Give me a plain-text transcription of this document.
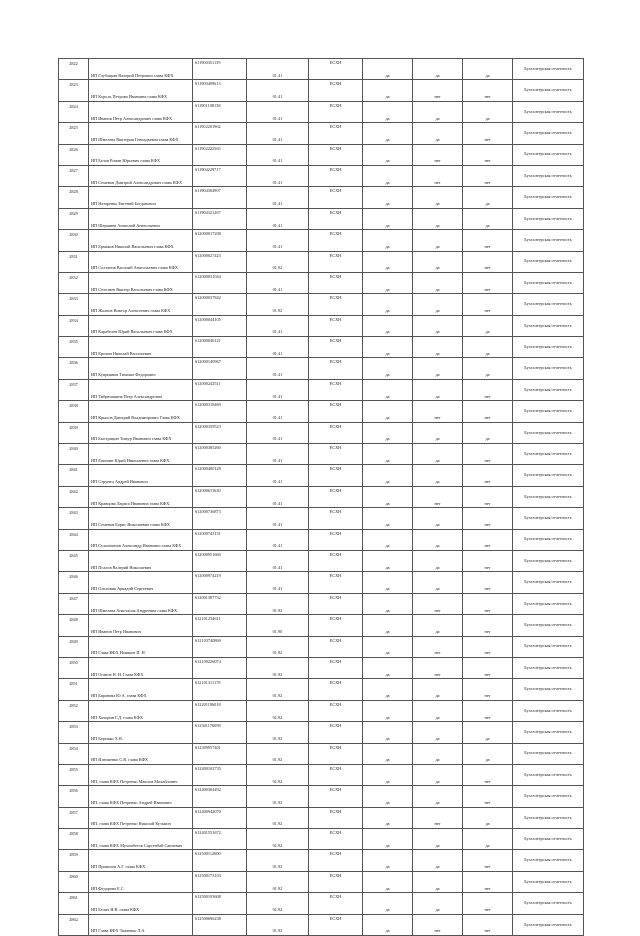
2822	ИП Глубоцкая Валерий Петрович глава КФХ	611900351139	01.41	ЕСХН	да	да	да	Бухгалтерская отчетность
2823	ИП Король Петрова Ивановна глава КФХ	611900409613	01.41	ЕСХН	да	нет	нет	Бухгалтерская отчетность
2824	ИП Иванов Петр Александрович глава КФХ	611901108138	01.41	ЕСХН	да	да	да	Бухгалтерская отчетность
2825	ИП Шмелева Виктория Геннадьевна глава КФХ	611902201962	01.41	ЕСХН	да	да	нет	Бухгалтерская отчетность
2826	ИП Белов Роман Юрьевич глава КФХ	611902222565	01.41	ЕСХН	да	нет	нет	Бухгалтерская отчетность
2827	ИП Семенов Дмитрий Александрович глава КФХ	611904229717	01.41	ЕСХН	да	нет	нет	Бухгалтерская отчетность
2828	ИП Назаренко Евгений Богданович	611904304907	01.41	ЕСХН	да	да	да	Бухгалтерская отчетность
2829	ИП Шершнев Анатолий Анатольевич	611904321267	01.41	ЕСХН	да	да	да	Бухгалтерская отчетность
2830	ИП Ермаков Николай Васильевич глава КФХ	612000017208	01.41	ЕСХН	да	да	нет	Бухгалтерская отчетность
2831	ИП Солтанов Василий Анатольевич глава КФХ	612000027423	01.92	ЕСХН	да	да	нет	Бухгалтерская отчетность
2832	ИП Селезнев Виктор Васильевич глава КФХ	612000031044	01.41	ЕСХН	да	да	нет	Бухгалтерская отчетность
2833	ИП Жалнов Виктор Алексеевич глава КФХ	612000037842	01.92	ЕСХН	да	да	нет	Бухгалтерская отчетность
2834	ИП Карабелев Юрий Васильевич глава КФХ	612000044105	01.41	ЕСХН	да	да	да	Бухгалтерская отчетность
2835	ИП Ерохин Николай Васильевич	612000046121	01.41	ЕСХН	да	да	да	Бухгалтерская отчетность
2836	ИП Куприянов Тимоше Федорович	612000140967	01.41	ЕСХН	да	да	да	Бухгалтерская отчетность
2837	ИП Тибрюшкина Петр Александрович	612000242511	01.41	ЕСХН	да	да	нет	Бухгалтерская отчетность
2838	ИП Крылов Дмитрий Владимирович Глава КФХ	612000318469	01.41	ЕСХН	да	нет	нет	Бухгалтерская отчетность
2839	ИП Быстрицин Тимур Иванович глава КФХ	612000359523	01.41	ЕСХН	да	да	да	Бухгалтерская отчетность
2840	ИП Епишин Юрий Николаевич глава КФХ	612000385260	01.41	ЕСХН	да	да	нет	Бухгалтерская отчетность
2841	ИП Струнец Андрей Иванович	612000400128	01.41	ЕСХН	да	да	нет	Бухгалтерская отчетность
2842	ИП Кравцова Лариса Ивановна глава КФХ	612000611630	01.41	ЕСХН	да	нет	нет	Бухгалтерская отчетность
2843	ИП Семенов Борис Николаевич глава КФХ	612000736873	01.41	ЕСХН	да	да	нет	Бухгалтерская отчетность
2844	ИП Сухомлинов Александр Иванович глава КФХ	612000743131	01.41	ЕСХН	да	да	нет	Бухгалтерская отчетность
2845	ИП Псалов Валерий Николаевич	612000951660	01.41	ЕСХН	да	да	нет	Бухгалтерская отчетность
2846	ИП Ольховик Аркадий Сергеевич	612000974219	01.41	ЕСХН	да	да	нет	Бухгалтерская отчетность
2847	ИП Шмелева Анастасия Андреевна глава КФХ	612001387732	01.92	ЕСХН	да	нет	нет	Бухгалтерская отчетность
2848	ИП Иванов Петр Иванович	612101234611	01.90	ЕСХН	да	да	нет	Бухгалтерская отчетность
2849	ИП Глава КФХ Новиков П. Н.	612103740869	01.92	ЕСХН	да	нет	нет	Бухгалтерская отчетность
2850	ИП Оганов Н. Н. Глава КФХ	612100226074	01.92	ЕСХН	да	нет	нет	Бухгалтерская отчетность
2851	ИП Баранова Ю.А. глава КФХ	612101311178	01.92	ЕСХН	да	да	нет	Бухгалтерская отчетность
2852	ИП Хохорин Г.Д. глава КФХ	612201196018	01.92	ЕСХН	да	да	нет	Бухгалтерская отчетность
2853	ИП Бережко Х.В.	612301176098	01.92	ЕСХН	да	да	да	Бухгалтерская отчетность
2854	ИП Илюшенко С.В. глава КФХ	612309957401	01.92	ЕСХН	да	да	да	Бухгалтерская отчетность
2855	ИП, глава КФХ Петренко Максим Михайлович	612400102735	01.92	ЕСХН	да	да	нет	Бухгалтерская отчетность
2856	ИП, глава КФХ Петренко Андрей Иванович	612400304492	01.92	ЕСХН	да	да	нет	Бухгалтерская отчетность
2857	ИП, глава КФХ Петренко Николай Кузьмич	612400942070	01.92	ЕСХН	да	нет	да	Бухгалтерская отчетность
2858	ИП, глава КФХ Мухомбетов Сарсенбай Сапиевич	612401551672	01.92	ЕСХН	да	да	да	Бухгалтерская отчетность
2859	ИП Привалов А.Г. глава КФХ	612500112600	01.92	ЕСХН	да	да	нет	Бухгалтерская отчетность
2860	ИП Федорова Е.С.	612500173103	01.92	ЕСХН	да	да	нет	Бухгалтерская отчетность
2861	ИП Белич Н.В. глава КФХ	612500193608	01.92	ЕСХН	да	да	нет	Бухгалтерская отчетность
2862	ИП Глава КФХ Ткаченко Л.А.	612500696238	01.92	ЕСХН	да	нет	нет	Бухгалтерская отчетность
